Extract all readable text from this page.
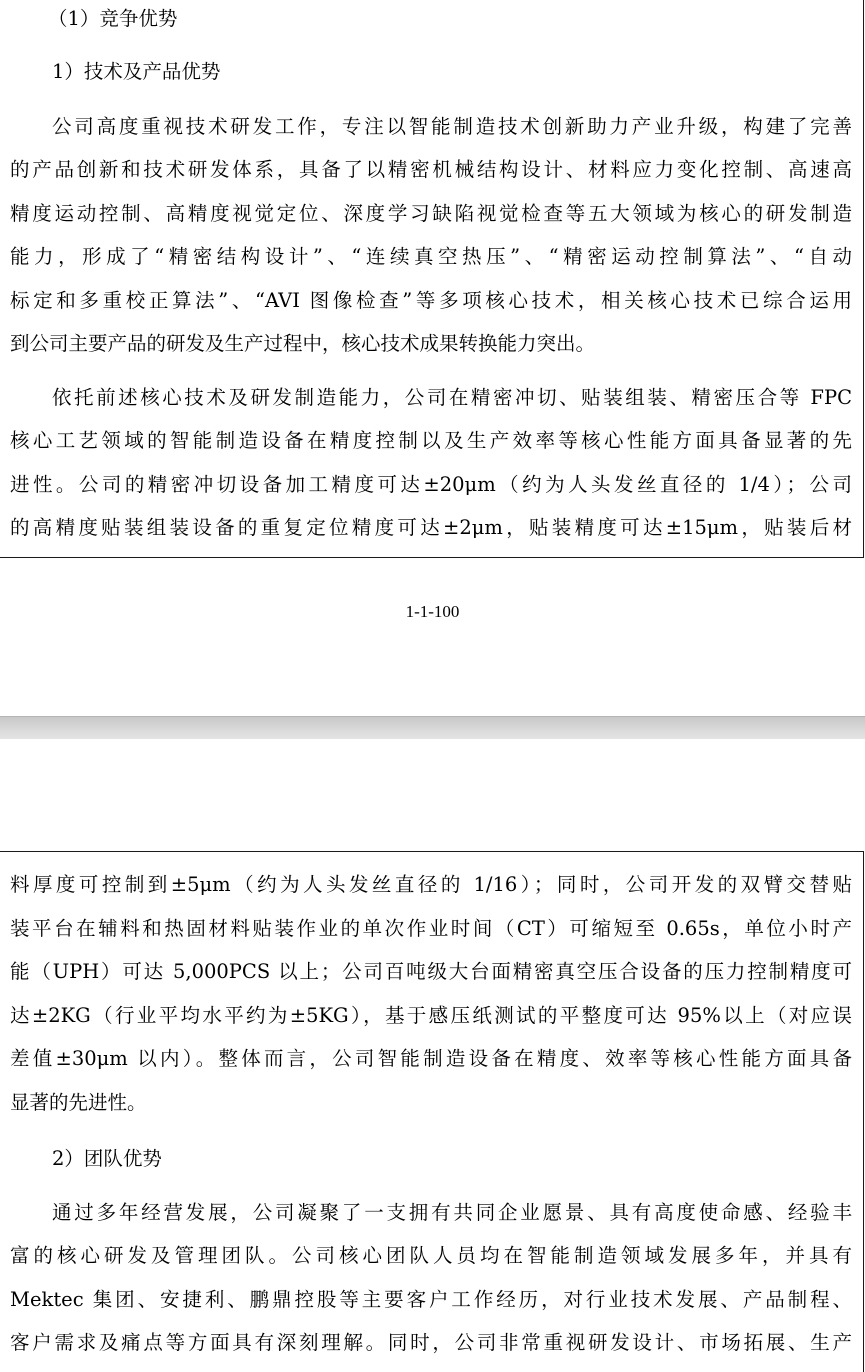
（1）竞争优势

1）技术及产品优势

公司高度重视技术研发工作，专注以智能制造技术创新助力产业升级，构建了完善

的产品创新和技术研发体系，具备了以精密机械结构设计、材料应力变化控制、高速高

精度运动控制、高精度视觉定位、深度学习缺陷视觉检查等五大领域为核心的研发制造

能力，形成了“精密结构设计”、“连续真空热压”、“精密运动控制算法”、“自动

标定和多重校正算法”、“AVI 图像检查”等多项核心技术，相关核心技术已综合运用

到公司主要产品的研发及生产过程中，核心技术成果转换能力突出。

依托前述核心技术及研发制造能力，公司在精密冲切、贴装组装、精密压合等 FPC

核心工艺领域的智能制造设备在精度控制以及生产效率等核心性能方面具备显著的先

进性。公司的精密冲切设备加工精度可达±20μm（约为人头发丝直径的 1/4）；公司

的高精度贴装组装设备的重复定位精度可达±2μm，贴装精度可达±15μm，贴装后材

1-1-100

料厚度可控制到±5μm（约为人头发丝直径的 1/16）；同时，公司开发的双臂交替贴

装平台在辅料和热固材料贴装作业的单次作业时间（CT）可缩短至 0.65s，单位小时产

能（UPH）可达 5,000PCS 以上；公司百吨级大台面精密真空压合设备的压力控制精度可

达±2KG（行业平均水平约为±5KG），基于感压纸测试的平整度可达 95%以上（对应误

差值±30μm 以内）。整体而言，公司智能制造设备在精度、效率等核心性能方面具备

显著的先进性。

2）团队优势

通过多年经营发展，公司凝聚了一支拥有共同企业愿景、具有高度使命感、经验丰

富的核心研发及管理团队。公司核心团队人员均在智能制造领域发展多年，并具有

Mektec 集团、安捷利、鹏鼎控股等主要客户工作经历，对行业技术发展、产品制程、

客户需求及痛点等方面具有深刻理解。同时，公司非常重视研发设计、市场拓展、生产
